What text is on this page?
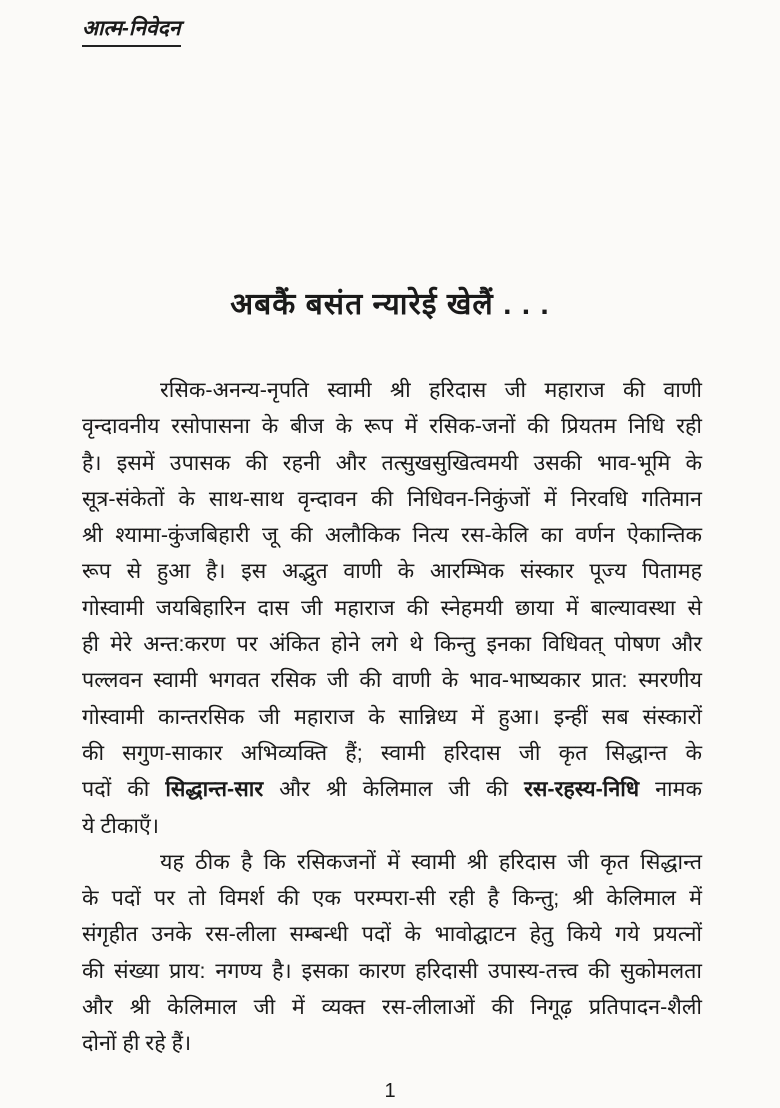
आत्म-निवेदन
अबकैं बसंत न्यारेई खेलैं . . .
रसिक-अनन्य-नृपति स्वामी श्री हरिदास जी महाराज की वाणी
वृन्दावनीय रसोपासना के बीज के रूप में रसिक-जनों की प्रियतम निधि रही
है। इसमें उपासक की रहनी और तत्सुखसुखित्वमयी उसकी भाव-भूमि के
सूत्र-संकेतों के साथ-साथ वृन्दावन की निधिवन-निकुंजों में निरवधि गतिमान
श्री श्यामा-कुंजबिहारी जू की अलौकिक नित्य रस-केलि का वर्णन ऐकान्तिक
रूप से हुआ है। इस अद्भुत वाणी के आरम्भिक संस्कार पूज्य पितामह
गोस्वामी जयबिहारिन दास जी महाराज की स्नेहमयी छाया में बाल्यावस्था से
ही मेरे अन्त:करण पर अंकित होने लगे थे किन्तु इनका विधिवत् पोषण और
पल्लवन स्वामी भगवत रसिक जी की वाणी के भाव-भाष्यकार प्रात: स्मरणीय
गोस्वामी कान्तरसिक जी महाराज के सान्निध्य में हुआ। इन्हीं सब संस्कारों
की सगुण-साकार अभिव्यक्ति हैं; स्वामी हरिदास जी कृत सिद्धान्त के
पदों की सिद्धान्त-सार और श्री केलिमाल जी की रस-रहस्य-निधि नामक
ये टीकाएँ।
यह ठीक है कि रसिकजनों में स्वामी श्री हरिदास जी कृत सिद्धान्त
के पदों पर तो विमर्श की एक परम्परा-सी रही है किन्तु; श्री केलिमाल में
संगृहीत उनके रस-लीला सम्बन्धी पदों के भावोद्घाटन हेतु किये गये प्रयत्नों
की संख्या प्राय: नगण्य है। इसका कारण हरिदासी उपास्य-तत्त्व की सुकोमलता
और श्री केलिमाल जी में व्यक्त रस-लीलाओं की निगूढ़ प्रतिपादन-शैली
दोनों ही रहे हैं।
1
